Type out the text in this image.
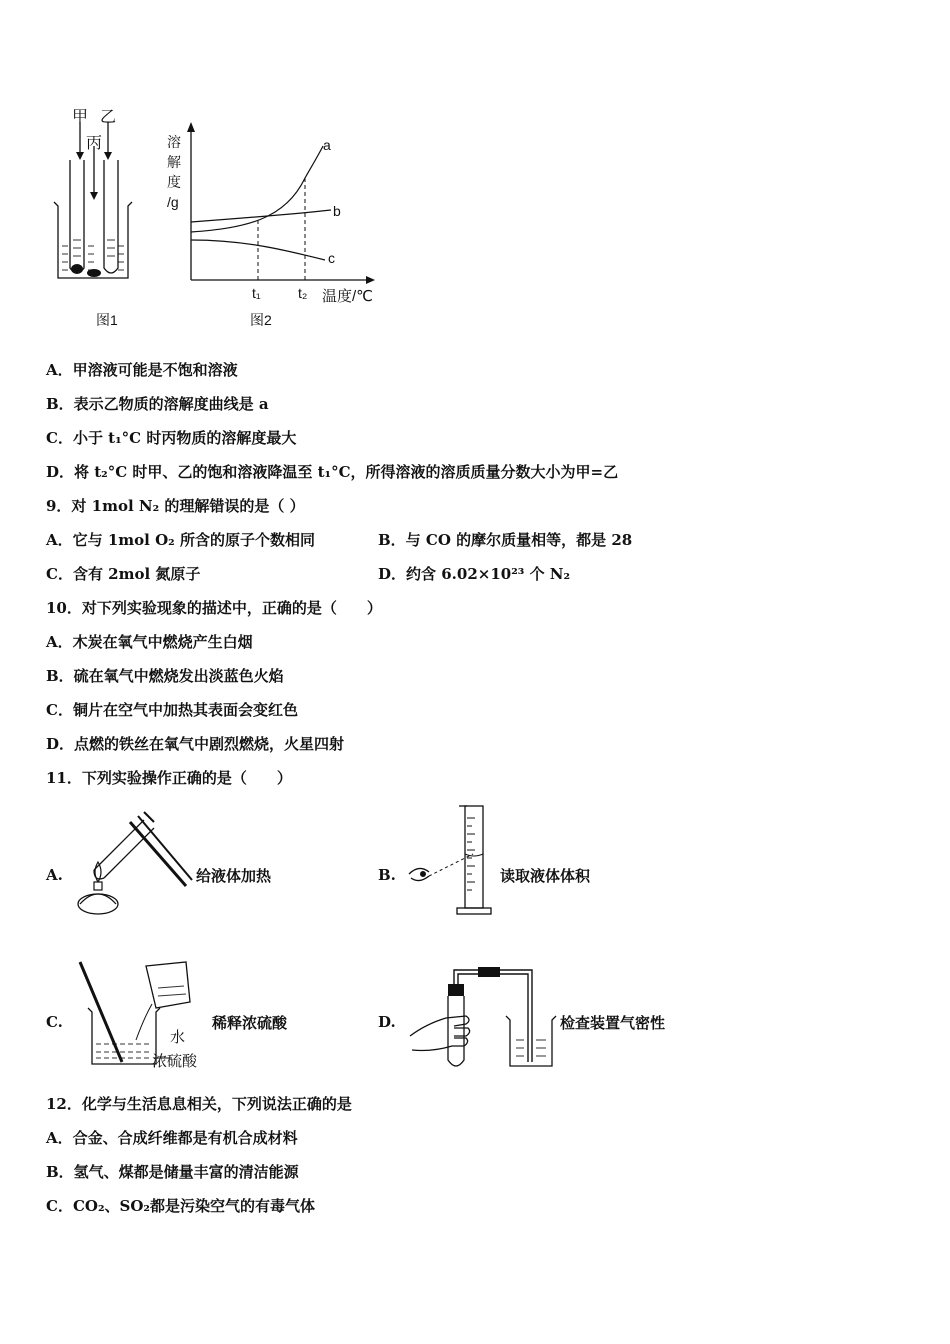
甲 乙
丙
图1
溶
解
度
/g
a
b
c
t₁	t₂ 温度/℃
图2
A．甲溶液可能是不饱和溶液
B．表示乙物质的溶解度曲线是 a
C．小于 t₁°C 时丙物质的溶解度最大
D．将 t₂°C 时甲、乙的饱和溶液降温至 t₁°C，所得溶液的溶质质量分数大小为甲=乙
9．对 1mol N₂ 的理解错误的是（ ）
A．它与 1mol O₂ 所含的原子个数相同	B．与 CO 的摩尔质量相等，都是 28
C．含有 2mol 氮原子	D．约含 6.02×10²³ 个 N₂
10．对下列实验现象的描述中，正确的是（　　）
A．木炭在氧气中燃烧产生白烟
B．硫在氧气中燃烧发出淡蓝色火焰
C．铜片在空气中加热其表面会变红色
D．点燃的铁丝在氧气中剧烈燃烧，火星四射
11．下列实验操作正确的是（　　）
A.	给液体加热	B.	读取液体体积
C.
水
浓硫酸
稀释浓硫酸	D.	检查装置气密性
12．化学与生活息息相关，下列说法正确的是
A．合金、合成纤维都是有机合成材料
B．氢气、煤都是储量丰富的清洁能源
C．CO₂、SO₂都是污染空气的有毒气体
